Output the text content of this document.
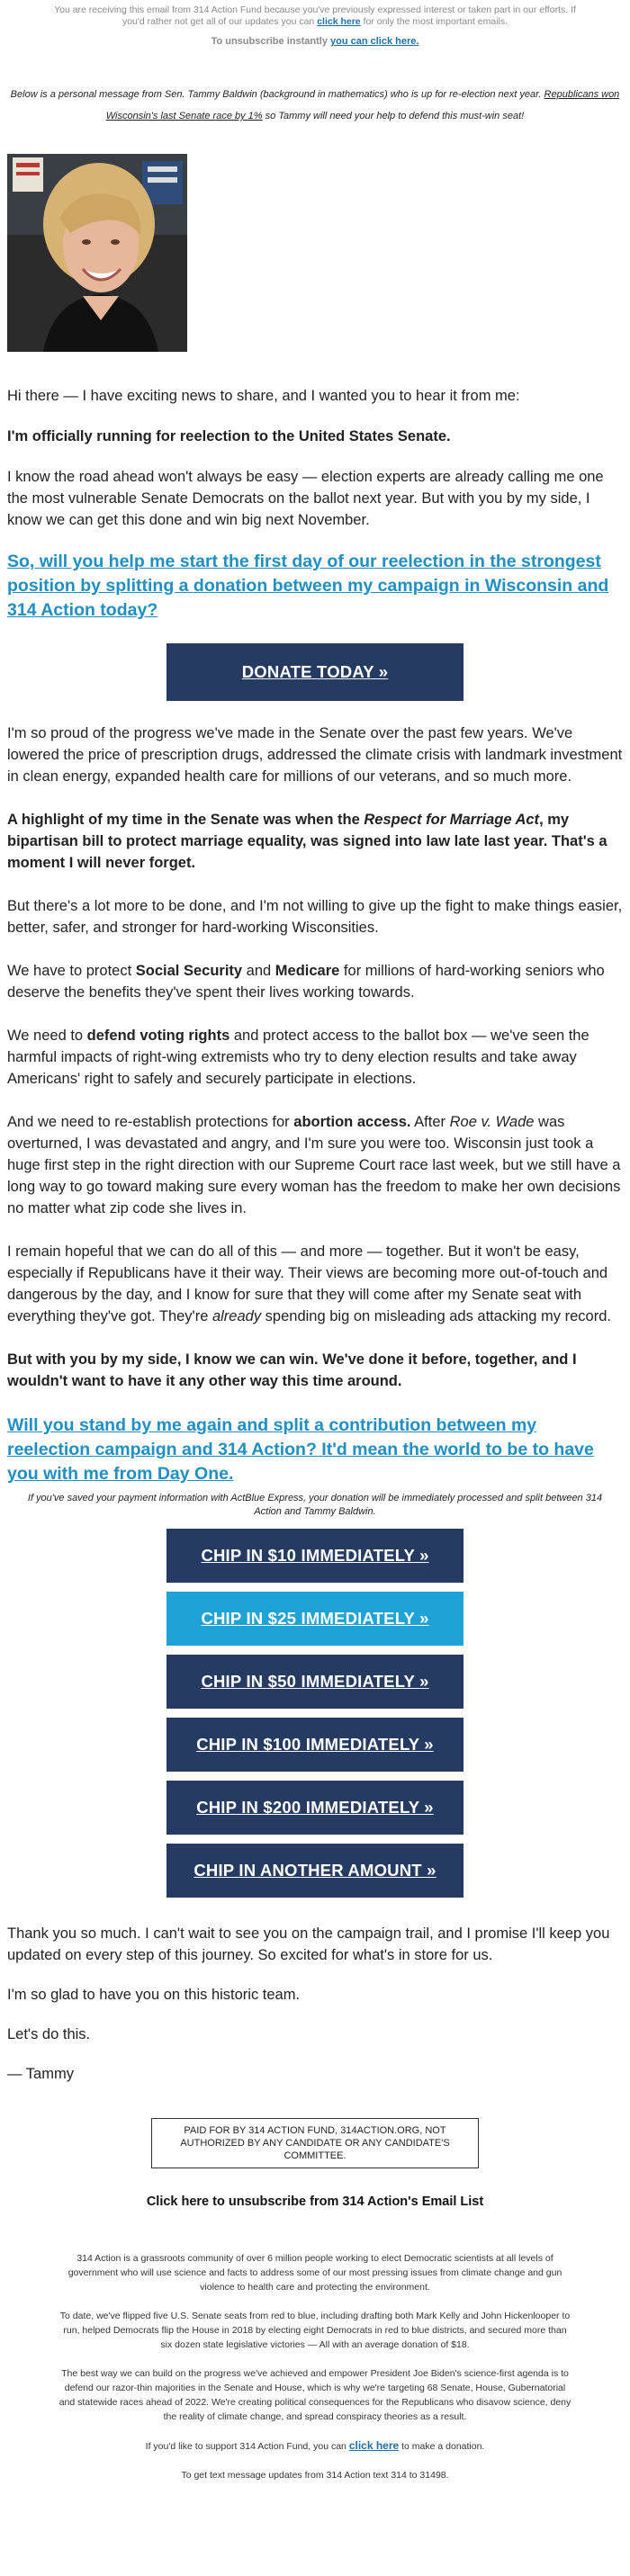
You are receiving this email from 314 Action Fund because you've previously expressed interest or taken part in our efforts. If you'd rather not get all of our updates you can click here for only the most important emails.
To unsubscribe instantly you can click here.

Below is a personal message from Sen. Tammy Baldwin (background in mathematics) who is up for re-election next year. Republicans won Wisconsin's last Senate race by 1% so Tammy will need your help to defend this must-win seat!

Hi there — I have exciting news to share, and I wanted you to hear it from me:

I'm officially running for reelection to the United States Senate.

I know the road ahead won't always be easy — election experts are already calling me one the most vulnerable Senate Democrats on the ballot next year. But with you by my side, I know we can get this done and win big next November.

So, will you help me start the first day of our reelection in the strongest position by splitting a donation between my campaign in Wisconsin and 314 Action today?

DONATE TODAY »

I'm so proud of the progress we've made in the Senate over the past few years. We've lowered the price of prescription drugs, addressed the climate crisis with landmark investment in clean energy, expanded health care for millions of our veterans, and so much more.

A highlight of my time in the Senate was when the Respect for Marriage Act, my bipartisan bill to protect marriage equality, was signed into law late last year. That's a moment I will never forget.

But there's a lot more to be done, and I'm not willing to give up the fight to make things easier, better, safer, and stronger for hard-working Wisconsities.

We have to protect Social Security and Medicare for millions of hard-working seniors who deserve the benefits they've spent their lives working towards.

We need to defend voting rights and protect access to the ballot box — we've seen the harmful impacts of right-wing extremists who try to deny election results and take away Americans' right to safely and securely participate in elections.

And we need to re-establish protections for abortion access. After Roe v. Wade was overturned, I was devastated and angry, and I'm sure you were too. Wisconsin just took a huge first step in the right direction with our Supreme Court race last week, but we still have a long way to go toward making sure every woman has the freedom to make her own decisions no matter what zip code she lives in.

I remain hopeful that we can do all of this — and more — together. But it won't be easy, especially if Republicans have it their way. Their views are becoming more out-of-touch and dangerous by the day, and I know for sure that they will come after my Senate seat with everything they've got. They're already spending big on misleading ads attacking my record.

But with you by my side, I know we can win. We've done it before, together, and I wouldn't want to have it any other way this time around.

Will you stand by me again and split a contribution between my reelection campaign and 314 Action? It'd mean the world to be to have you with me from Day One.

If you've saved your payment information with ActBlue Express, your donation will be immediately processed and split between 314 Action and Tammy Baldwin.

CHIP IN $10 IMMEDIATELY »
CHIP IN $25 IMMEDIATELY »
CHIP IN $50 IMMEDIATELY »
CHIP IN $100 IMMEDIATELY »
CHIP IN $200 IMMEDIATELY »
CHIP IN ANOTHER AMOUNT »

Thank you so much. I can't wait to see you on the campaign trail, and I promise I'll keep you updated on every step of this journey. So excited for what's in store for us.

I'm so glad to have you on this historic team.

Let's do this.

— Tammy

PAID FOR BY 314 ACTION FUND, 314ACTION.ORG, NOT AUTHORIZED BY ANY CANDIDATE OR ANY CANDIDATE'S COMMITTEE.
Click here to unsubscribe from 314 Action's Email List

314 Action is a grassroots community of over 6 million people working to elect Democratic scientists at all levels of government who will use science and facts to address some of our most pressing issues from climate change and gun violence to health care and protecting the environment.

To date, we've flipped five U.S. Senate seats from red to blue, including drafting both Mark Kelly and John Hickenlooper to run, helped Democrats flip the House in 2018 by electing eight Democrats in red to blue districts, and secured more than six dozen state legislative victories — All with an average donation of $18.

The best way we can build on the progress we've achieved and empower President Joe Biden's science-first agenda is to defend our razor-thin majorities in the Senate and House, which is why we're targeting 68 Senate, House, Gubernatorial and statewide races ahead of 2022. We're creating political consequences for the Republicans who disavow science, deny the reality of climate change, and spread conspiracy theories as a result.

If you'd like to support 314 Action Fund, you can click here to make a donation.

To get text message updates from 314 Action text 314 to 31498.
